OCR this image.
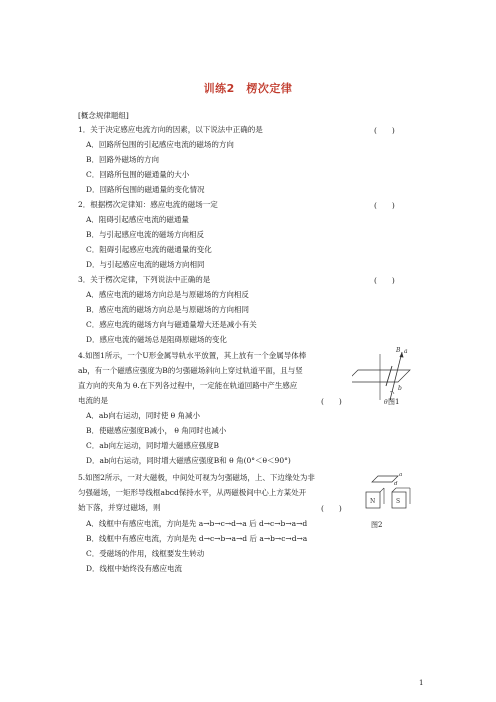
训练2　楞次定律
[概念规律题组]
1．关于决定感应电流方向的因素，以下说法中正确的是	(　　)
A．回路所包围的引起感应电流的磁场的方向
B．回路外磁场的方向
C．回路所包围的磁通量的大小
D．回路所包围的磁通量的变化情况
2．根据楞次定律知：感应电流的磁场一定	(　　)
A．阻碍引起感应电流的磁通量
B．与引起感应电流的磁场方向相反
C．阻碍引起感应电流的磁通量的变化
D．与引起感应电流的磁场方向相同
3．关于楞次定律，下列说法中正确的是	(　　)
A．感应电流的磁场方向总是与原磁场的方向相反
B．感应电流的磁场方向总是与原磁场的方向相同
C．感应电流的磁场方向与磁通量增大还是减小有关
D．感应电流的磁场总是阻碍原磁场的变化
4.如图1所示，一个U形金属导轨水平放置，其上放有一个金属导体棒
ab，有一个磁感应强度为B的匀强磁场斜向上穿过轨道平面，且与竖
直方向的夹角为 θ.在下列各过程中，一定能在轨道回路中产生感应
电流的是	(　　)
A．ab向右运动，同时使 θ 角减小
B．使磁感应强度B减小， θ 角同时也减小
C．ab向左运动，同时增大磁感应强度B
D．ab向右运动，同时增大磁感应强度B和 θ 角(0°＜θ＜90°)
B a
b
θ 图1
5.如图2所示，一对大磁极，中间处可视为匀强磁场，上、下边缘处为非
匀强磁场，一矩形导线框abcd保持水平，从两磁极间中心上方某处开
始下落，并穿过磁场，则	(　　)
A．线框中有感应电流，方向是先 a→b→c→d→a 后 d→c→b→a→d
B．线框中有感应电流，方向是先 d→c→b→a→d 后 a→b→c→d→a
C．受磁场的作用，线框要发生转动
D．线框中始终没有感应电流
a
d
N	S
图2
1
